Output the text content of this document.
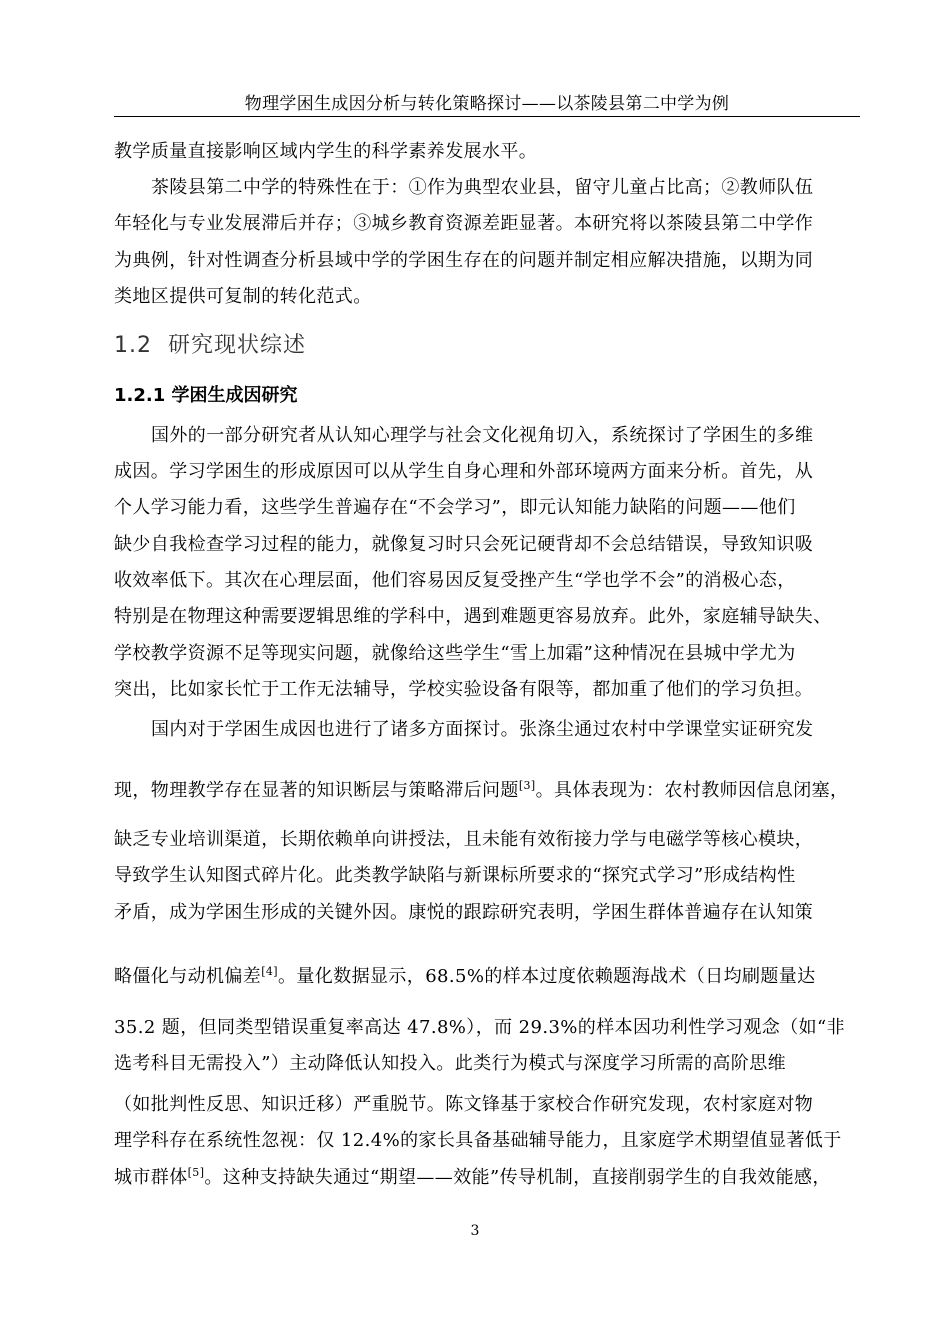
物理学困生成因分析与转化策略探讨——以茶陵县第二中学为例
教学质量直接影响区域内学生的科学素养发展水平。
茶陵县第二中学的特殊性在于：①作为典型农业县，留守儿童占比高；②教师队伍
年轻化与专业发展滞后并存；③城乡教育资源差距显著。本研究将以茶陵县第二中学作
为典例，针对性调查分析县域中学的学困生存在的问题并制定相应解决措施，以期为同
类地区提供可复制的转化范式。
1.2 研究现状综述
1.2.1 学困生成因研究
国外的一部分研究者从认知心理学与社会文化视角切入，系统探讨了学困生的多维
成因。学习学困生的形成原因可以从学生自身心理和外部环境两方面来分析。首先，从
个人学习能力看，这些学生普遍存在“不会学习”，即元认知能力缺陷的问题——他们
缺少自我检查学习过程的能力，就像复习时只会死记硬背却不会总结错误，导致知识吸
收效率低下。其次在心理层面，他们容易因反复受挫产生“学也学不会”的消极心态，
特别是在物理这种需要逻辑思维的学科中，遇到难题更容易放弃。此外，家庭辅导缺失、
学校教学资源不足等现实问题，就像给这些学生“雪上加霜”这种情况在县城中学尤为
突出，比如家长忙于工作无法辅导，学校实验设备有限等，都加重了他们的学习负担。
国内对于学困生成因也进行了诸多方面探讨。张涤尘通过农村中学课堂实证研究发
现，物理教学存在显著的知识断层与策略滞后问题[3]。具体表现为：农村教师因信息闭塞，
缺乏专业培训渠道，长期依赖单向讲授法，且未能有效衔接力学与电磁学等核心模块，
导致学生认知图式碎片化。此类教学缺陷与新课标所要求的“探究式学习”形成结构性
矛盾，成为学困生形成的关键外因。康悦的跟踪研究表明，学困生群体普遍存在认知策
略僵化与动机偏差[4]。量化数据显示，68.5%的样本过度依赖题海战术（日均刷题量达
35.2 题，但同类型错误重复率高达 47.8%），而 29.3%的样本因功利性学习观念（如“非
选考科目无需投入”）主动降低认知投入。此类行为模式与深度学习所需的高阶思维
（如批判性反思、知识迁移）严重脱节。陈文锋基于家校合作研究发现，农村家庭对物
理学科存在系统性忽视：仅 12.4%的家长具备基础辅导能力，且家庭学术期望值显著低于
城市群体[5]。这种支持缺失通过“期望——效能”传导机制，直接削弱学生的自我效能感，
3
